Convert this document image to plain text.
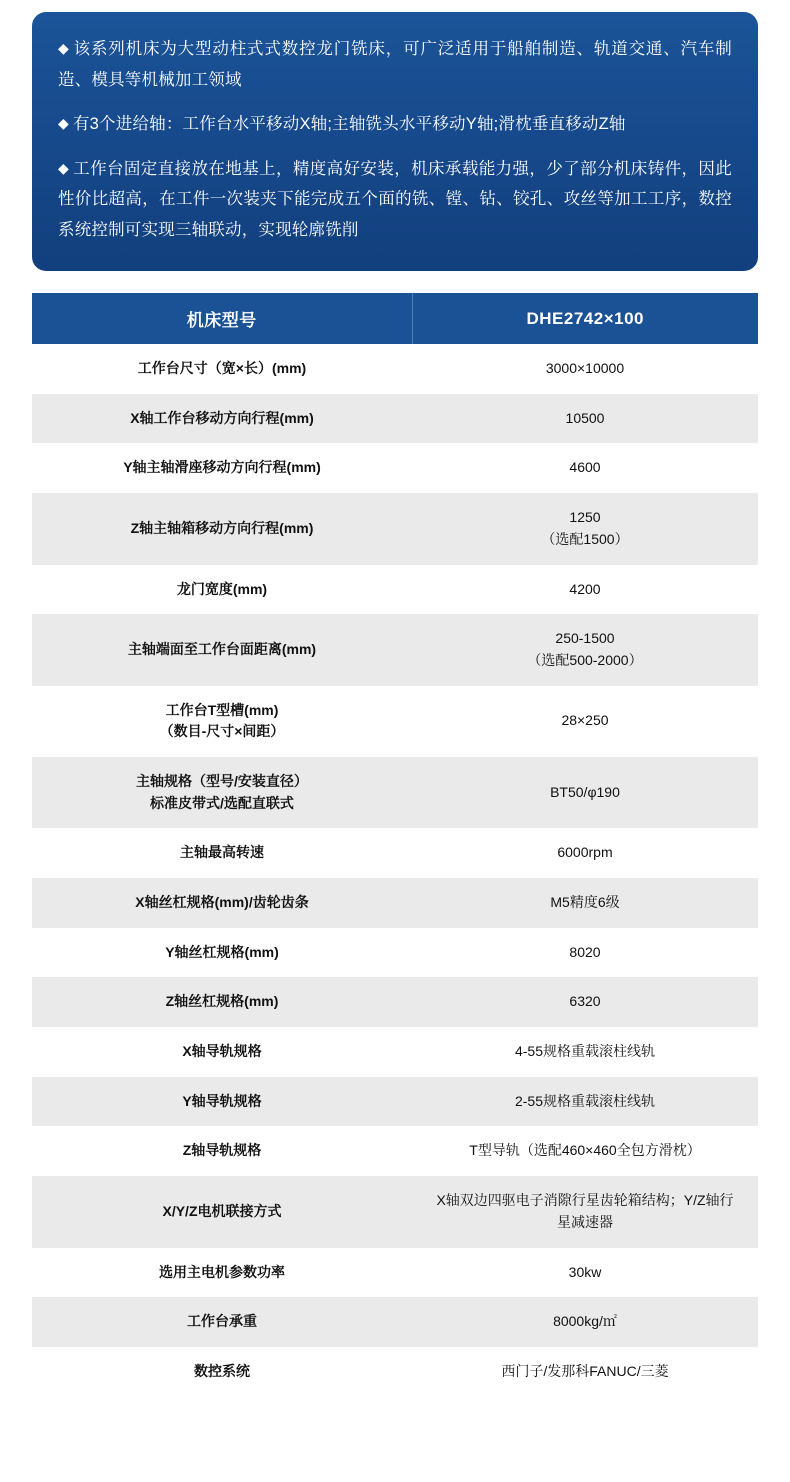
◆ 该系列机床为大型动柱式式数控龙门铣床，可广泛适用于船舶制造、轨道交通、汽车制造、模具等机械加工领域
◆ 有3个进给轴：工作台水平移动X轴;主轴铣头水平移动Y轴;滑枕垂直移动Z轴
◆ 工作台固定直接放在地基上，精度高好安装，机床承载能力强，少了部分机床铸件，因此性价比超高，在工件一次装夹下能完成五个面的铣、镗、钻、铰孔、攻丝等加工工序，数控系统控制可实现三轴联动，实现轮廓铣削
机床型号	DHE2742×100
工作台尺寸（宽×长）(mm)	3000×10000
X轴工作台移动方向行程(mm)	10500
Y轴主轴滑座移动方向行程(mm)	4600
Z轴主轴箱移动方向行程(mm)	1250
（选配1500）

龙门宽度(mm)	4200
主轴端面至工作台面距离(mm)	250-1500
（选配500-2000）

工作台T型槽(mm)
（数目-尺寸×间距）	28×250

主轴规格（型号/安装直径）
标准皮带式/选配直联式	BT50/φ190
主轴最高转速	6000rpm
X轴丝杠规格(mm)/齿轮齿条	M5精度6级
Y轴丝杠规格(mm)	8020
Z轴丝杠规格(mm)	6320
X轴导轨规格	4-55规格重载滚柱线轨
Y轴导轨规格	2-55规格重载滚柱线轨
Z轴导轨规格	T型导轨（选配460×460全包方滑枕）
X/Y/Z电机联接方式	X轴双边四驱电子消隙行星齿轮箱结构；Y/Z轴行
星减速器

选用主电机参数功率	30kw
工作台承重	8000kg/㎡
数控系统	西门子/发那科FANUC/三菱
